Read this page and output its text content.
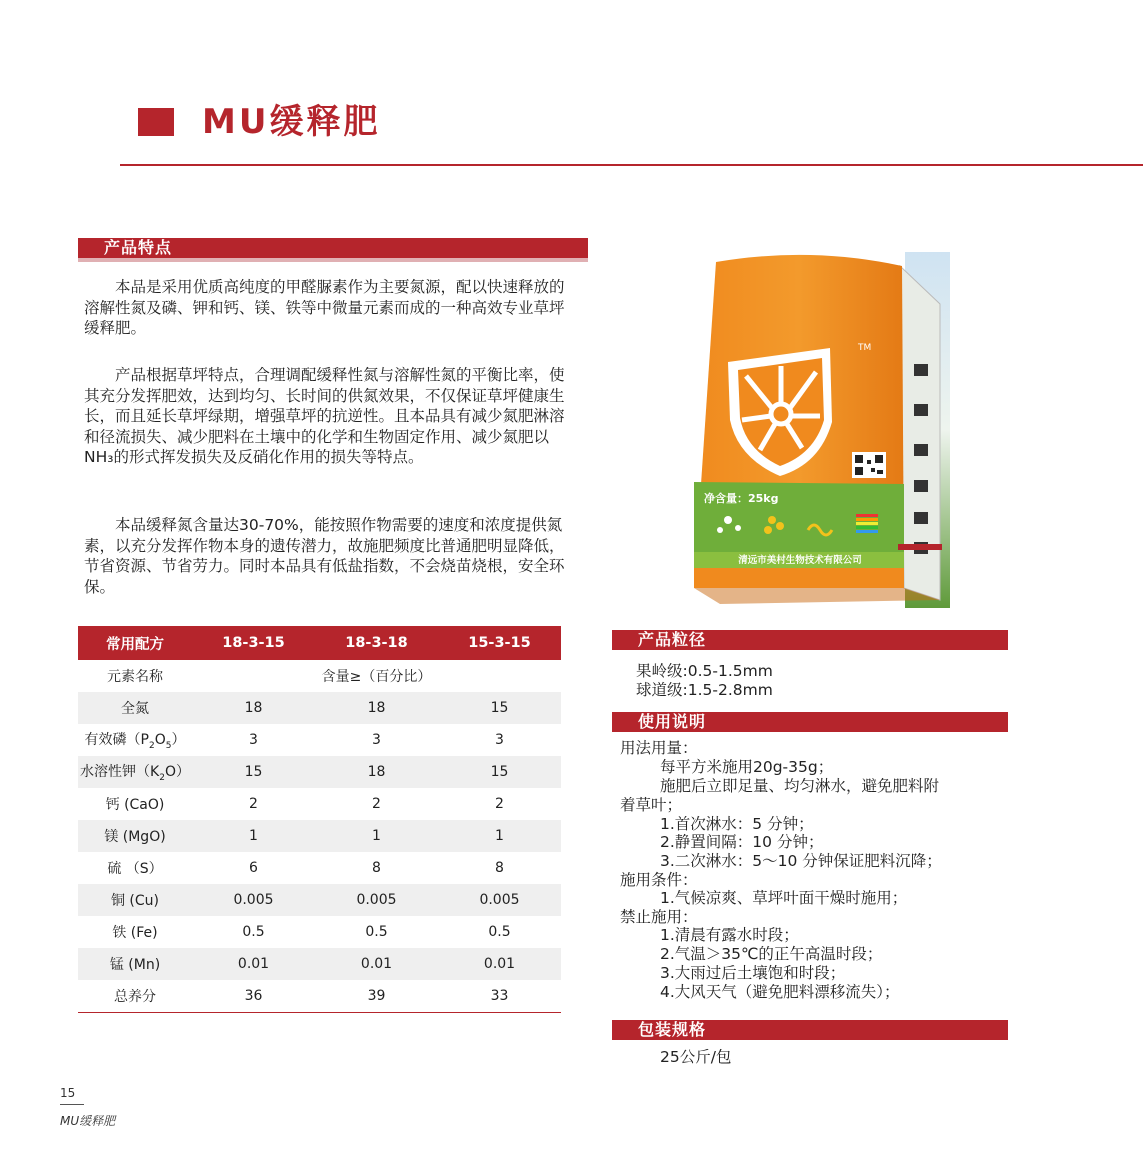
MU缓释肥
产品特点

本品是采用优质高纯度的甲醛脲素作为主要氮源，配以快速释放的溶解性氮及磷、钾和钙、镁、铁等中微量元素而成的一种高效专业草坪缓释肥。

产品根据草坪特点，合理调配缓释性氮与溶解性氮的平衡比率，使其充分发挥肥效，达到均匀、长时间的供氮效果，不仅保证草坪健康生长，而且延长草坪绿期，增强草坪的抗逆性。且本品具有减少氮肥淋溶和径流损失、减少肥料在土壤中的化学和生物固定作用、减少氮肥以NH₃的形式挥发损失及反硝化作用的损失等特点。

本品缓释氮含量达30-70%，能按照作物需要的速度和浓度提供氮素，以充分发挥作物本身的遗传潜力，故施肥频度比普通肥明显降低，节省资源、节省劳力。同时本品具有低盐指数，不会烧苗烧根，安全环保。

常用配方	18-3-15	18-3-18	15-3-15
元素名称	含量≥（百分比）		
全氮	18	18	15
有效磷$(P_2O_5)$	3	3	3
水溶性钾$(K_2O)$	15	18	15
钙 (CaO)	2	2	2
镁 (MgO)	1	1	1
硫 （S）	6	8	8
铜 (Cu)	0.005	0.005	0.005
铁 (Fe)	0.5	0.5	0.5
锰 (Mn)	0.01	0.01	0.01
总养分	36	39	33
TM
净含量：25kg
清远市美村生物技术有限公司
产品粒径
果岭级:0.5-1.5mm
球道级:1.5-2.8mm
使用说明
用法用量：
每平方米施用20g-35g；
施肥后立即足量、均匀淋水，避免肥料附
着草叶；
1.首次淋水：5 分钟；
2.静置间隔：10 分钟；
3.二次淋水：5～10 分钟保证肥料沉降；
施用条件：
1.气候凉爽、草坪叶面干燥时施用；
禁止施用：
1.清晨有露水时段；
2.气温＞35℃的正午高温时段；
3.大雨过后土壤饱和时段；
4.大风天气（避免肥料漂移流失）；
包装规格
25公斤/包
15
MU缓释肥
